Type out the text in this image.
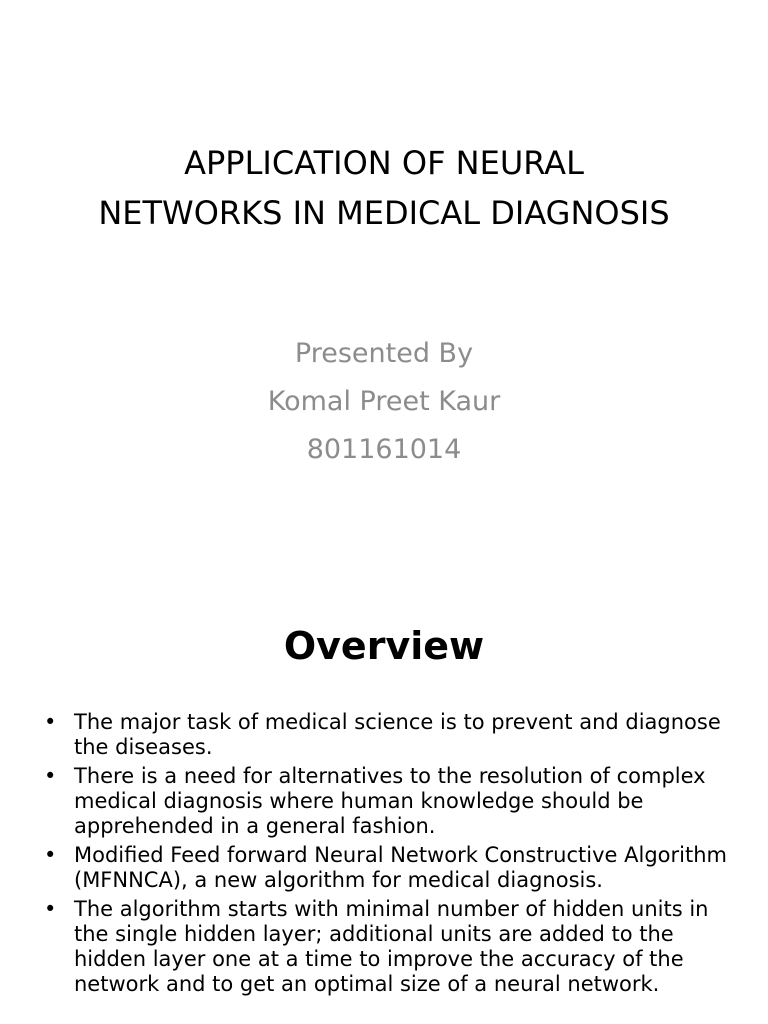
APPLICATION OF NEURAL
NETWORKS IN MEDICAL DIAGNOSIS
Presented By
Komal Preet Kaur
801161014
Overview
• The major task of medical science is to prevent and diagnose the diseases.
• There is a need for alternatives to the resolution of complex medical diagnosis where human knowledge should be apprehended in a general fashion.
• Modified Feed forward Neural Network Constructive Algorithm (MFNNCA), a new algorithm for medical diagnosis.
• The algorithm starts with minimal number of hidden units in the single hidden layer; additional units are added to the hidden layer one at a time to improve the accuracy of the network and to get an optimal size of a neural network.
